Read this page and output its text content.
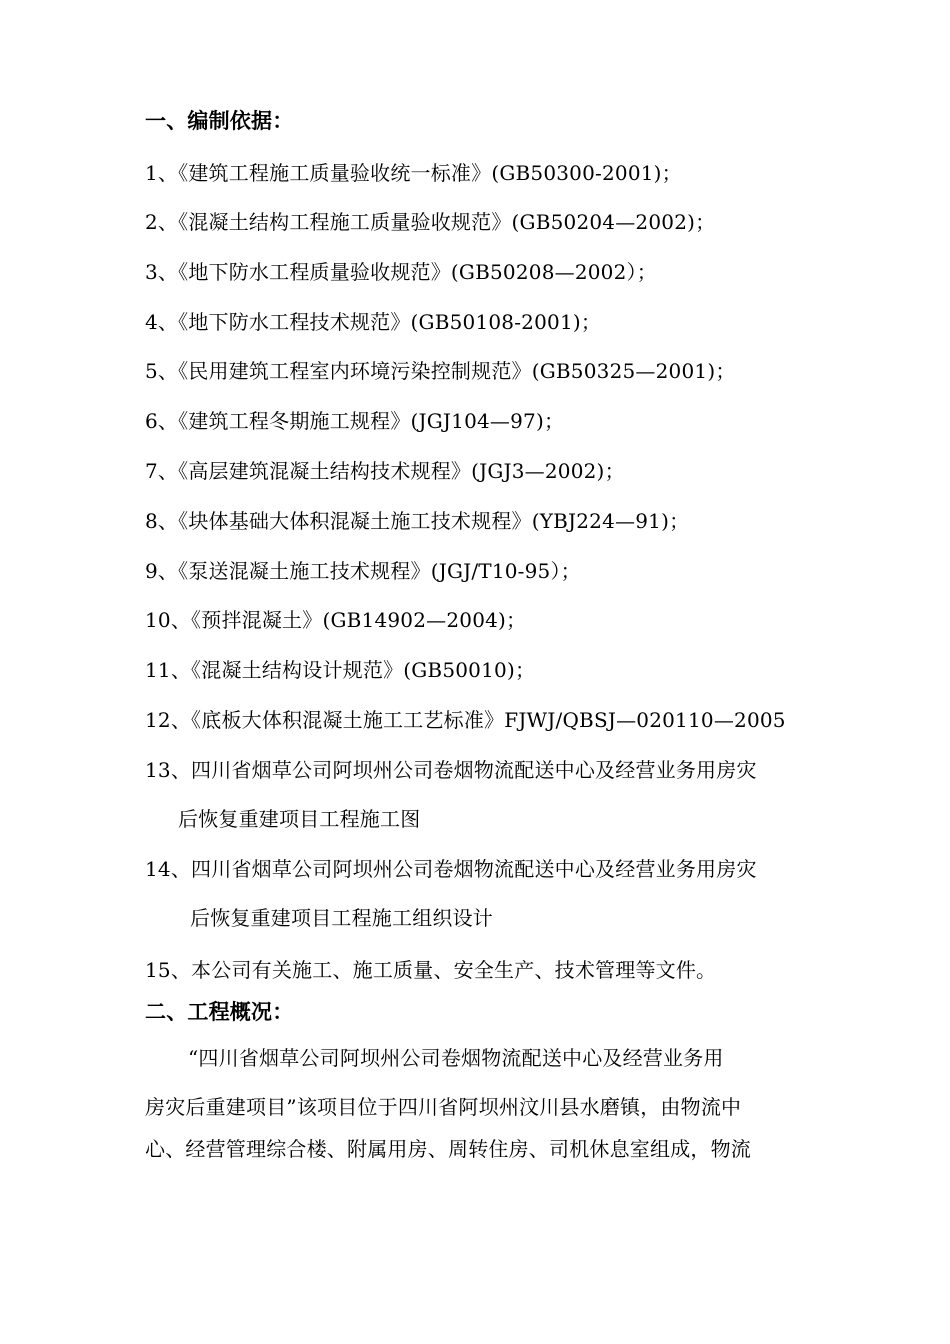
一、编制依据：
1、《建筑工程施工质量验收统一标准》(GB50300-2001)；
2、《混凝土结构工程施工质量验收规范》(GB50204—2002)；
3、《地下防水工程质量验收规范》(GB50208—2002）；
4、《地下防水工程技术规范》(GB50108-2001)；
5、《民用建筑工程室内环境污染控制规范》(GB50325—2001)；
6、《建筑工程冬期施工规程》(JGJ104—97)；
7、《高层建筑混凝土结构技术规程》(JGJ3—2002)；
8、《块体基础大体积混凝土施工技术规程》(YBJ224—91)；
9、《泵送混凝土施工技术规程》(JGJ/T10-95）；
10、《预拌混凝土》(GB14902—2004)；
11、《混凝土结构设计规范》(GB50010)；
12、《底板大体积混凝土施工工艺标准》FJWJ/QBSJ—020110—2005
13、四川省烟草公司阿坝州公司卷烟物流配送中心及经营业务用房灾
后恢复重建项目工程施工图
14、四川省烟草公司阿坝州公司卷烟物流配送中心及经营业务用房灾
后恢复重建项目工程施工组织设计
15、本公司有关施工、施工质量、安全生产、技术管理等文件。
二、工程概况：
“四川省烟草公司阿坝州公司卷烟物流配送中心及经营业务用
房灾后重建项目”该项目位于四川省阿坝州汶川县水磨镇，由物流中
心、经营管理综合楼、附属用房、周转住房、司机休息室组成，物流
